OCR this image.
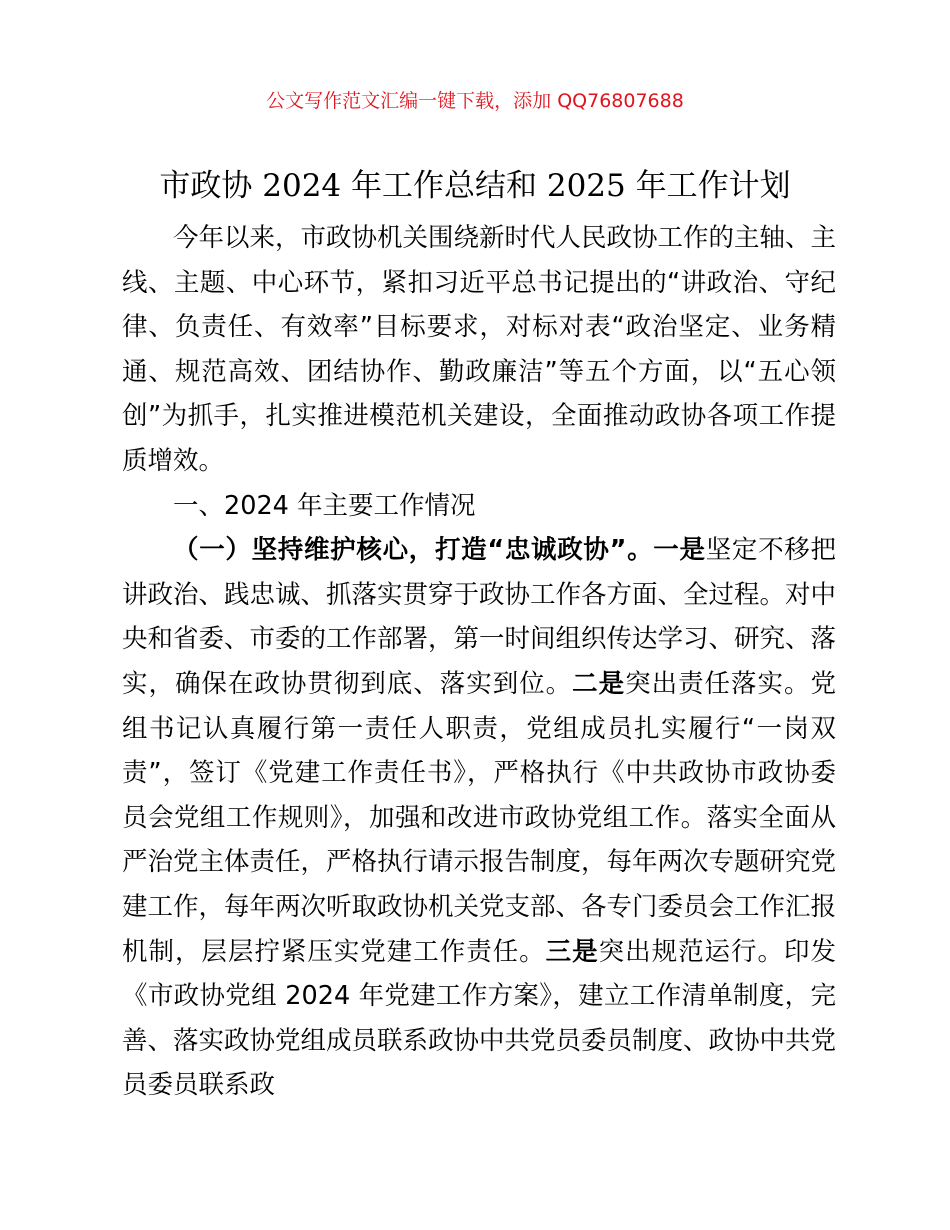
公文写作范文汇编一键下载，添加 QQ76807688
市政协 2024 年工作总结和 2025 年工作计划

今年以来，市政协机关围绕新时代人民政协工作的主轴、主线、主题、中心环节，紧扣习近平总书记提出的“讲政治、守纪律、负责任、有效率”目标要求，对标对表“政治坚定、业务精通、规范高效、团结协作、勤政廉洁”等五个方面，以“五心领创”为抓手，扎实推进模范机关建设，全面推动政协各项工作提质增效。

一、2024 年主要工作情况

（一）坚持维护核心，打造“忠诚政协”。一是坚定不移把讲政治、践忠诚、抓落实贯穿于政协工作各方面、全过程。对中央和省委、市委的工作部署，第一时间组织传达学习、研究、落实，确保在政协贯彻到底、落实到位。二是突出责任落实。党组书记认真履行第一责任人职责，党组成员扎实履行“一岗双责”，签订《党建工作责任书》，严格执行《中共政协市政协委员会党组工作规则》，加强和改进市政协党组工作。落实全面从严治党主体责任，严格执行请示报告制度，每年两次专题研究党建工作，每年两次听取政协机关党支部、各专门委员会工作汇报机制，层层拧紧压实党建工作责任。三是突出规范运行。印发《市政协党组 2024 年党建工作方案》，建立工作清单制度，完善、落实政协党组成员联系政协中共党员委员制度、政协中共党员委员联系政
